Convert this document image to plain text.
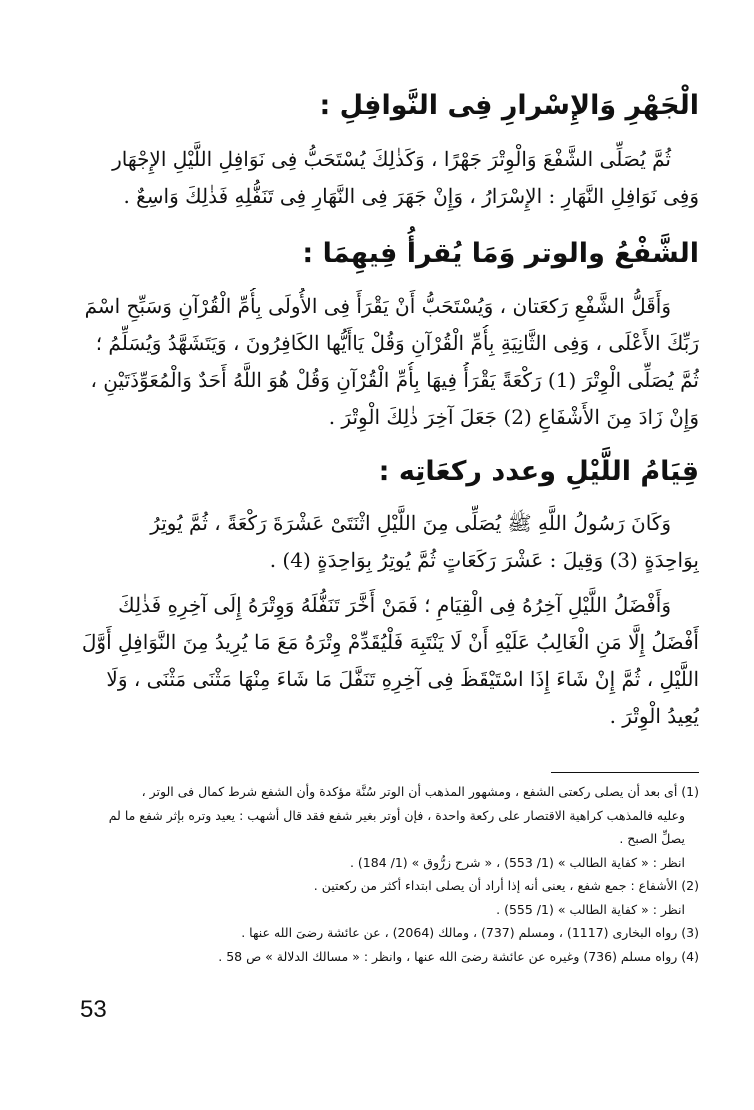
الْجَهْرِ وَالإِسْرارِ فِى النَّوافِلِ :
ثُمَّ يُصَلِّى الشَّفْعَ وَالْوِتْرَ جَهْرًا ، وَكَذٰلِكَ يُسْتَحَبُّ فِى نَوَافِلِ اللَّيْلِ الإِجْهَار
وَفِى نَوَافِلِ النَّهَارِ : الإِسْرَارُ ، وَإِنْ جَهَرَ فِى النَّهَارِ فِى تَنَفُّلِهِ فَذٰلِكَ وَاسِعٌ .
الشَّفْعُ والوتر وَمَا يُقرأُ فِيهِمَا :
وَأَقَلُّ الشَّفْعِ رَكعَتان ، وَيُسْتَحَبُّ أَنْ يَقْرَأَ فِى الأُولَى بِأُمِّ الْقُرْآنِ وَسَبِّحِ اسْمَ
رَبِّكَ الأَعْلَى ، وَفِى الثَّانِيَةِ بِأُمِّ الْقُرْآنِ وَقُلْ يَاأَيُّها الكَافِرُونَ ، وَيَتَشَهَّدُ وَيُسَلِّمُ ؛
ثُمَّ يُصَلِّى الْوِتْرَ (1) رَكْعَةً يَقْرَأُ فِيهَا بِأُمِّ الْقُرْآنِ وَقُلْ هُوَ اللَّهُ أَحَدٌ وَالْمُعَوِّذَتَيْنِ ،
وَإِنْ زَادَ مِنَ الأَشْفَاعِ (2) جَعَلَ آخِرَ ذٰلِكَ الْوِتْرَ .
قِيَامُ اللَّيْلِ وعدد ركعَاتِه :
وَكَانَ رَسُولُ اللَّهِ ﷺ يُصَلِّى مِنَ اللَّيْلِ اثْنَتَىْ عَشْرَةَ رَكْعَةً ، ثُمَّ يُوتِرُ
بِوَاحِدَةٍ (3) وَقِيلَ : عَشْرَ رَكَعَاتٍ ثُمَّ يُوتِرُ بِوَاحِدَةٍ (4) .
وَأَفْضَلُ اللَّيْلِ آخِرُهُ فِى الْقِيَامِ ؛ فَمَنْ أَخَّرَ تَنَفُّلَهُ وَوِتْرَهُ إِلَى آخِرِهِ فَذٰلِكَ
أَفْضَلُ إِلَّا مَنِ الْغَالِبُ عَلَيْهِ أَنْ لَا يَنْتَبِهَ فَلْيُقَدِّمْ وِتْرَهُ مَعَ مَا يُرِيدُ مِنَ النَّوَافِلِ أَوَّلَ
اللَّيْلِ ، ثُمَّ إِنْ شَاءَ إِذَا اسْتَيْقَظَ فِى آخِرِهِ تَنَفَّلَ مَا شَاءَ مِنْهَا مَثْنَى مَثْنَى ، وَلَا
يُعِيدُ الْوِتْرَ .
(1) أى بعد أن يصلى ركعتى الشفع ، ومشهور المذهب أن الوتر سُنَّة مؤكدة وأن الشفع شرط كمال فى الوتر ،
وعليه فالمذهب كراهية الاقتصار على ركعة واحدة ، فإن أوتر بغير شفع فقد قال أشهب : يعيد وتره بإثر شفع ما لم
يصلِّ الصبح .
انظر : « كفاية الطالب » (1/ 553) ، « شرح زرُّوق » (1/ 184) .
(2) الأشفاع : جمع شفع ، يعنى أنه إذا أراد أن يصلى ابتداء أكثر من ركعتين .
انظر : « كفاية الطالب » (1/ 555) .
(3) رواه البخارى (1117) ، ومسلم (737) ، ومالك (2064) ، عن عائشة رضىَ الله عنها .
(4) رواه مسلم (736) وغيره عن عائشة رضىَ الله عنها ، وانظر : « مسالك الدلالة » ص 58 .
53
